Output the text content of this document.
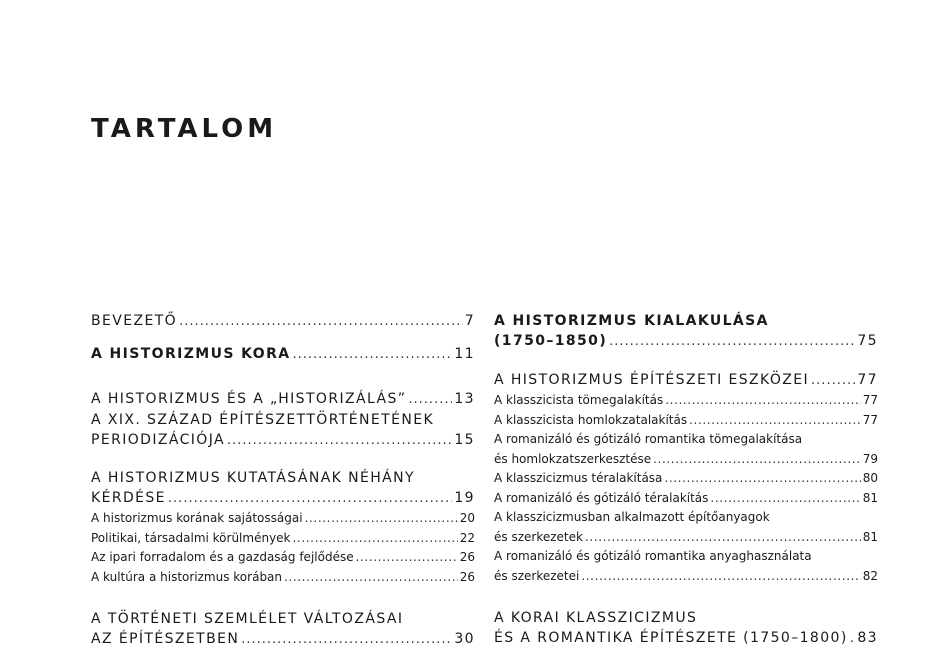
TARTALOM
BEVEZETŐ .....	7
A HISTORIZMUS KORA .....	11
A HISTORIZMUS ÉS A „HISTORIZÁLÁS” .....	13
A XIX. SZÁZAD ÉPÍTÉSZETTÖRTÉNETÉNEK
PERIODIZÁCIÓJA .....	15
A HISTORIZMUS KUTATÁSÁNAK NÉHÁNY
KÉRDÉSE .....	19
A historizmus korának sajátosságai .....	20
Politikai, társadalmi körülmények .....	22
Az ipari forradalom és a gazdaság fejlődése .....	26
A kultúra a historizmus korában .....	26
A TÖRTÉNETI SZEMLÉLET VÁLTOZÁSAI
AZ ÉPÍTÉSZETBEN .....	30
A HISTORIZMUS KIALAKULÁSA
(1750–1850) .....	75
A HISTORIZMUS ÉPÍTÉSZETI ESZKÖZEI .....	77
A klasszicista tömegalakítás .....	77
A klasszicista homlokzatalakítás .....	77
A romanizáló és gótizáló romantika tömegalakítása
és homlokzatszerkesztése .....	79
A klasszicizmus téralakítása .....	80
A romanizáló és gótizáló téralakítás .....	81
A klasszicizmusban alkalmazott építőanyagok
és szerkezetek .....	81
A romanizáló és gótizáló romantika anyaghasználata
és szerkezetei .....	82
A KORAI KLASSZICIZMUS
ÉS A ROMANTIKA ÉPÍTÉSZETE (1750–1800) ..... 83
